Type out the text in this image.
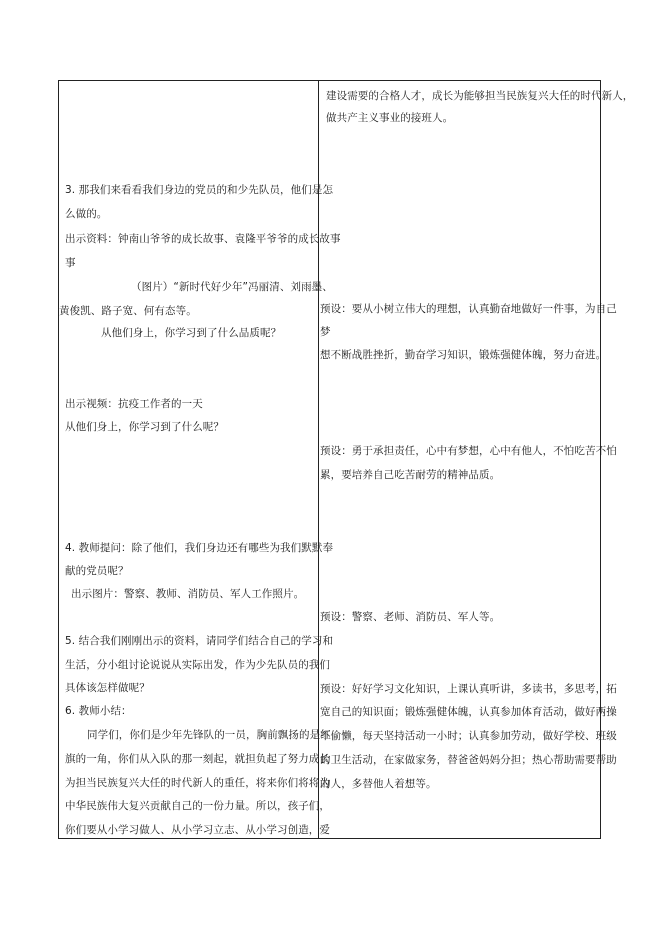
3. 那我们来看看我们身边的党员的和少先队员，他们是怎
么做的。
出示资料：钟南山爷爷的成长故事、袁隆平爷爷的成长故事
事
（图片）“新时代好少年”冯丽清、刘雨墨、
黄俊凯、路子宽、何有态等。
从他们身上，你学习到了什么品质呢？
出示视频：抗疫工作者的一天
从他们身上，你学习到了什么呢？
4. 教师提问：除了他们，我们身边还有哪些为我们默默奉
献的党员呢？
出示图片：警察、教师、消防员、军人工作照片。
5. 结合我们刚刚出示的资料，请同学们结合自己的学习和
生活，分小组讨论说说从实际出发，作为少先队员的我们
具体该怎样做呢？
6. 教师小结：
同学们，你们是少年先锋队的一员，胸前飘扬的是红
旗的一角，你们从入队的那一刻起，就担负起了努力成长
为担当民族复兴大任的时代新人的重任，将来你们将将为
中华民族伟大复兴贡献自己的一份力量。所以，孩子们，
你们要从小学习做人、从小学习立志、从小学习创造，爱
建设需要的合格人才，成长为能够担当民族复兴大任的时代新人，
做共产主义事业的接班人。
预设：要从小树立伟大的理想，认真勤奋地做好一件事，为自己
梦
想不断战胜挫折，勤奋学习知识，锻炼强健体魄，努力奋进。
预设：勇于承担责任，心中有梦想，心中有他人，不怕吃苦不怕
累，要培养自己吃苦耐劳的精神品质。
预设：警察、老师、消防员、军人等。
预设：好好学习文化知识，上课认真听讲，多读书，多思考，拓
宽自己的知识面；锻炼强健体魄，认真参加体育活动，做好两操
不偷懒，每天坚持活动一小时；认真参加劳动，做好学校、班级
的卫生活动，在家做家务，替爸爸妈妈分担；热心帮助需要帮助
的人，多替他人着想等。
